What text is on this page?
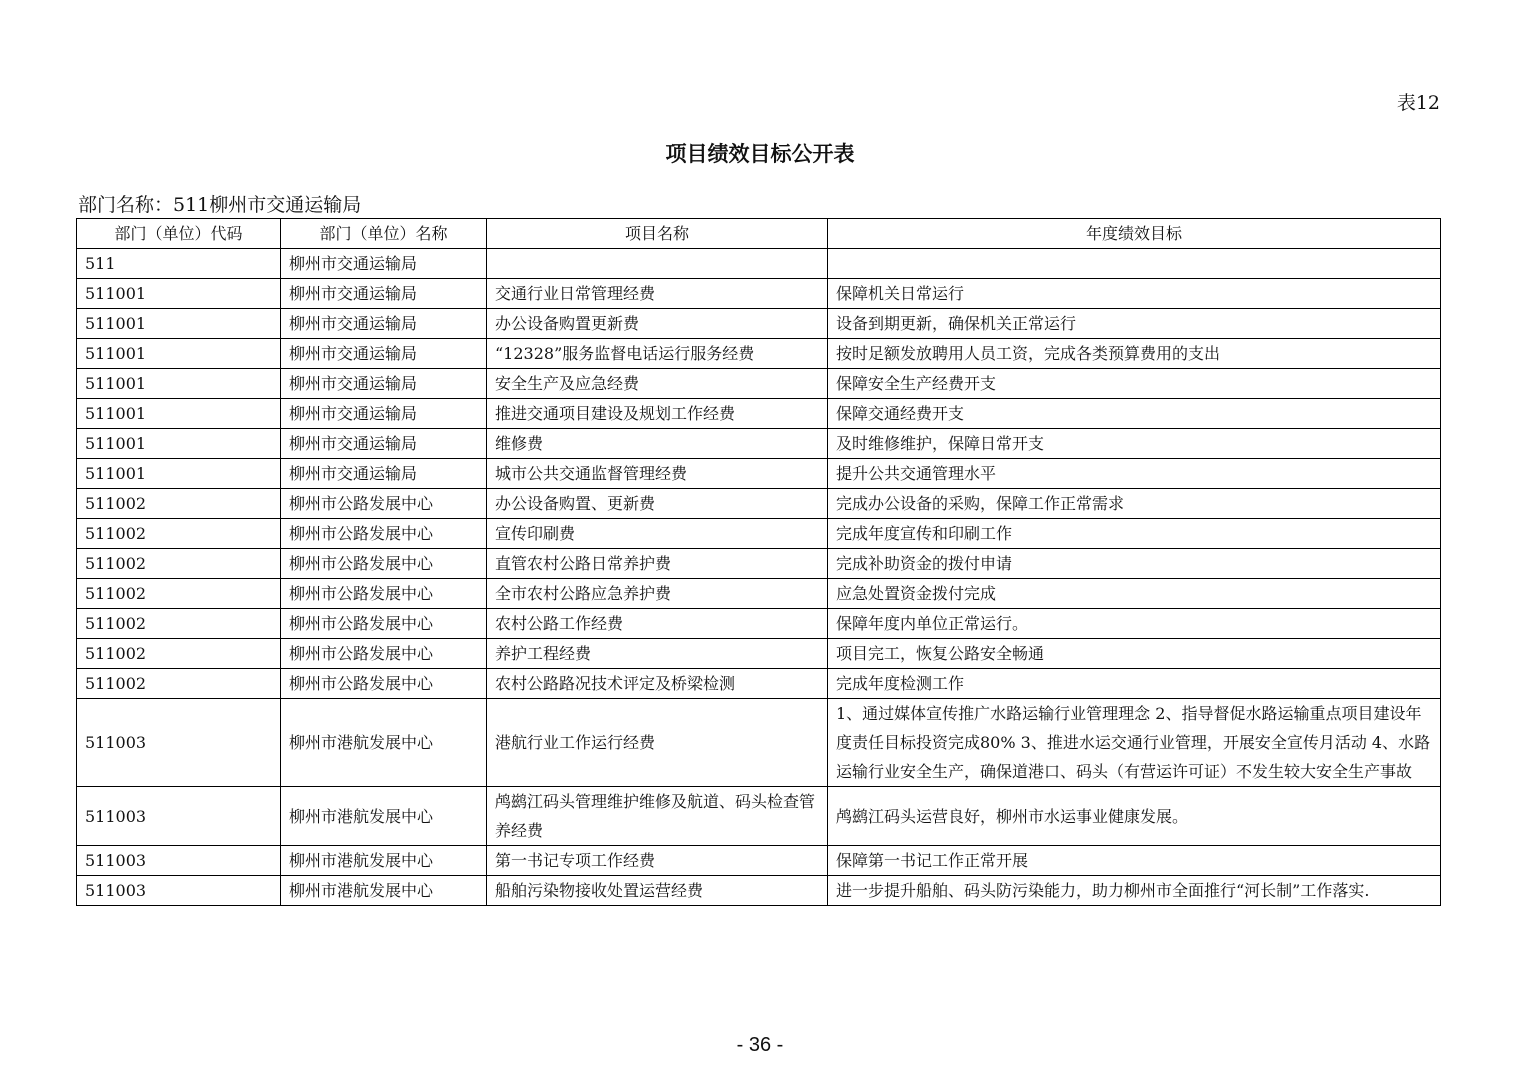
表12
项目绩效目标公开表
部门名称：511柳州市交通运输局
部门（单位）代码	部门（单位）名称	项目名称	年度绩效目标
511	柳州市交通运输局		
511001	柳州市交通运输局	交通行业日常管理经费	保障机关日常运行
511001	柳州市交通运输局	办公设备购置更新费	设备到期更新，确保机关正常运行
511001	柳州市交通运输局	“12328”服务监督电话运行服务经费	按时足额发放聘用人员工资，完成各类预算费用的支出
511001	柳州市交通运输局	安全生产及应急经费	保障安全生产经费开支
511001	柳州市交通运输局	推进交通项目建设及规划工作经费	保障交通经费开支
511001	柳州市交通运输局	维修费	及时维修维护，保障日常开支
511001	柳州市交通运输局	城市公共交通监督管理经费	提升公共交通管理水平
511002	柳州市公路发展中心	办公设备购置、更新费	完成办公设备的采购，保障工作正常需求
511002	柳州市公路发展中心	宣传印刷费	完成年度宣传和印刷工作
511002	柳州市公路发展中心	直管农村公路日常养护费	完成补助资金的拨付申请
511002	柳州市公路发展中心	全市农村公路应急养护费	应急处置资金拨付完成
511002	柳州市公路发展中心	农村公路工作经费	保障年度内单位正常运行。
511002	柳州市公路发展中心	养护工程经费	项目完工，恢复公路安全畅通
511002	柳州市公路发展中心	农村公路路况技术评定及桥梁检测	完成年度检测工作
511003	柳州市港航发展中心	港航行业工作运行经费	1、通过媒体宣传推广水路运输行业管理理念 2、指导督促水路运输重点项目建设年度责任目标投资完成80% 3、推进水运交通行业管理，开展安全宣传月活动 4、水路运输行业安全生产，确保道港口、码头（有营运许可证）不发生较大安全生产事故
511003	柳州市港航发展中心	鸬鹚江码头管理维护维修及航道、码头检查管养经费	鸬鹚江码头运营良好，柳州市水运事业健康发展。
511003	柳州市港航发展中心	第一书记专项工作经费	保障第一书记工作正常开展
511003	柳州市港航发展中心	船舶污染物接收处置运营经费	进一步提升船舶、码头防污染能力，助力柳州市全面推行“河长制”工作落实.
- 36 -
